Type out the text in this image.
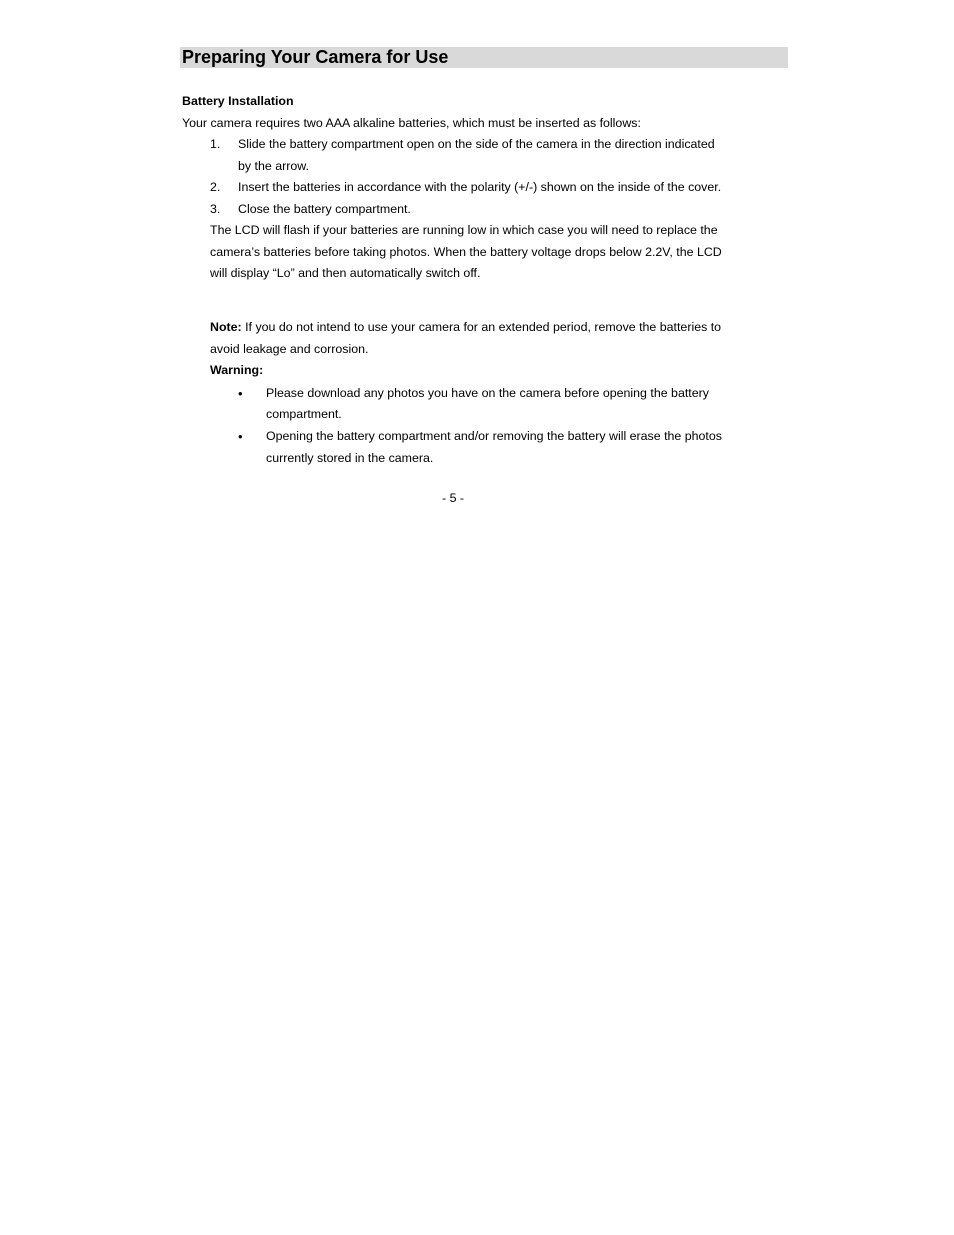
Preparing Your Camera for Use
Battery Installation
Your camera requires two AAA alkaline batteries, which must be inserted as follows:
1. Slide the battery compartment open on the side of the camera in the direction indicated
by the arrow.
2. Insert the batteries in accordance with the polarity (+/-) shown on the inside of the cover.
3. Close the battery compartment.
The LCD will flash if your batteries are running low in which case you will need to replace the
camera’s batteries before taking photos. When the battery voltage drops below 2.2V, the LCD
will display “Lo” and then automatically switch off.
Note: If you do not intend to use your camera for an extended period, remove the batteries to
avoid leakage and corrosion.
Warning:
• Please download any photos you have on the camera before opening the battery
compartment.
• Opening the battery compartment and/or removing the battery will erase the photos
currently stored in the camera.
- 5 -
